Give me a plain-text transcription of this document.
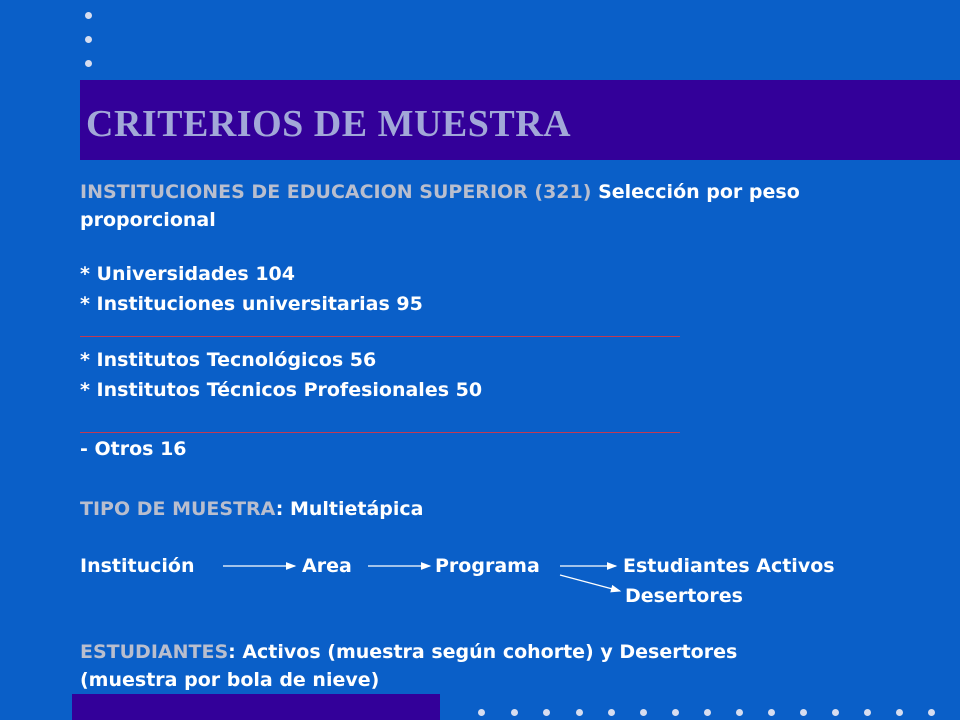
CRITERIOS DE MUESTRA
INSTITUCIONES DE EDUCACION SUPERIOR (321) Selección por peso
proporcional
* Universidades 104
* Instituciones universitarias 95
* Institutos Tecnológicos 56
* Institutos Técnicos Profesionales 50
- Otros 16
TIPO DE MUESTRA: Multietápica
Institución	Area	Programa	Estudiantes Activos
Desertores
ESTUDIANTES: Activos (muestra según cohorte) y Desertores
(muestra por bola de nieve)
